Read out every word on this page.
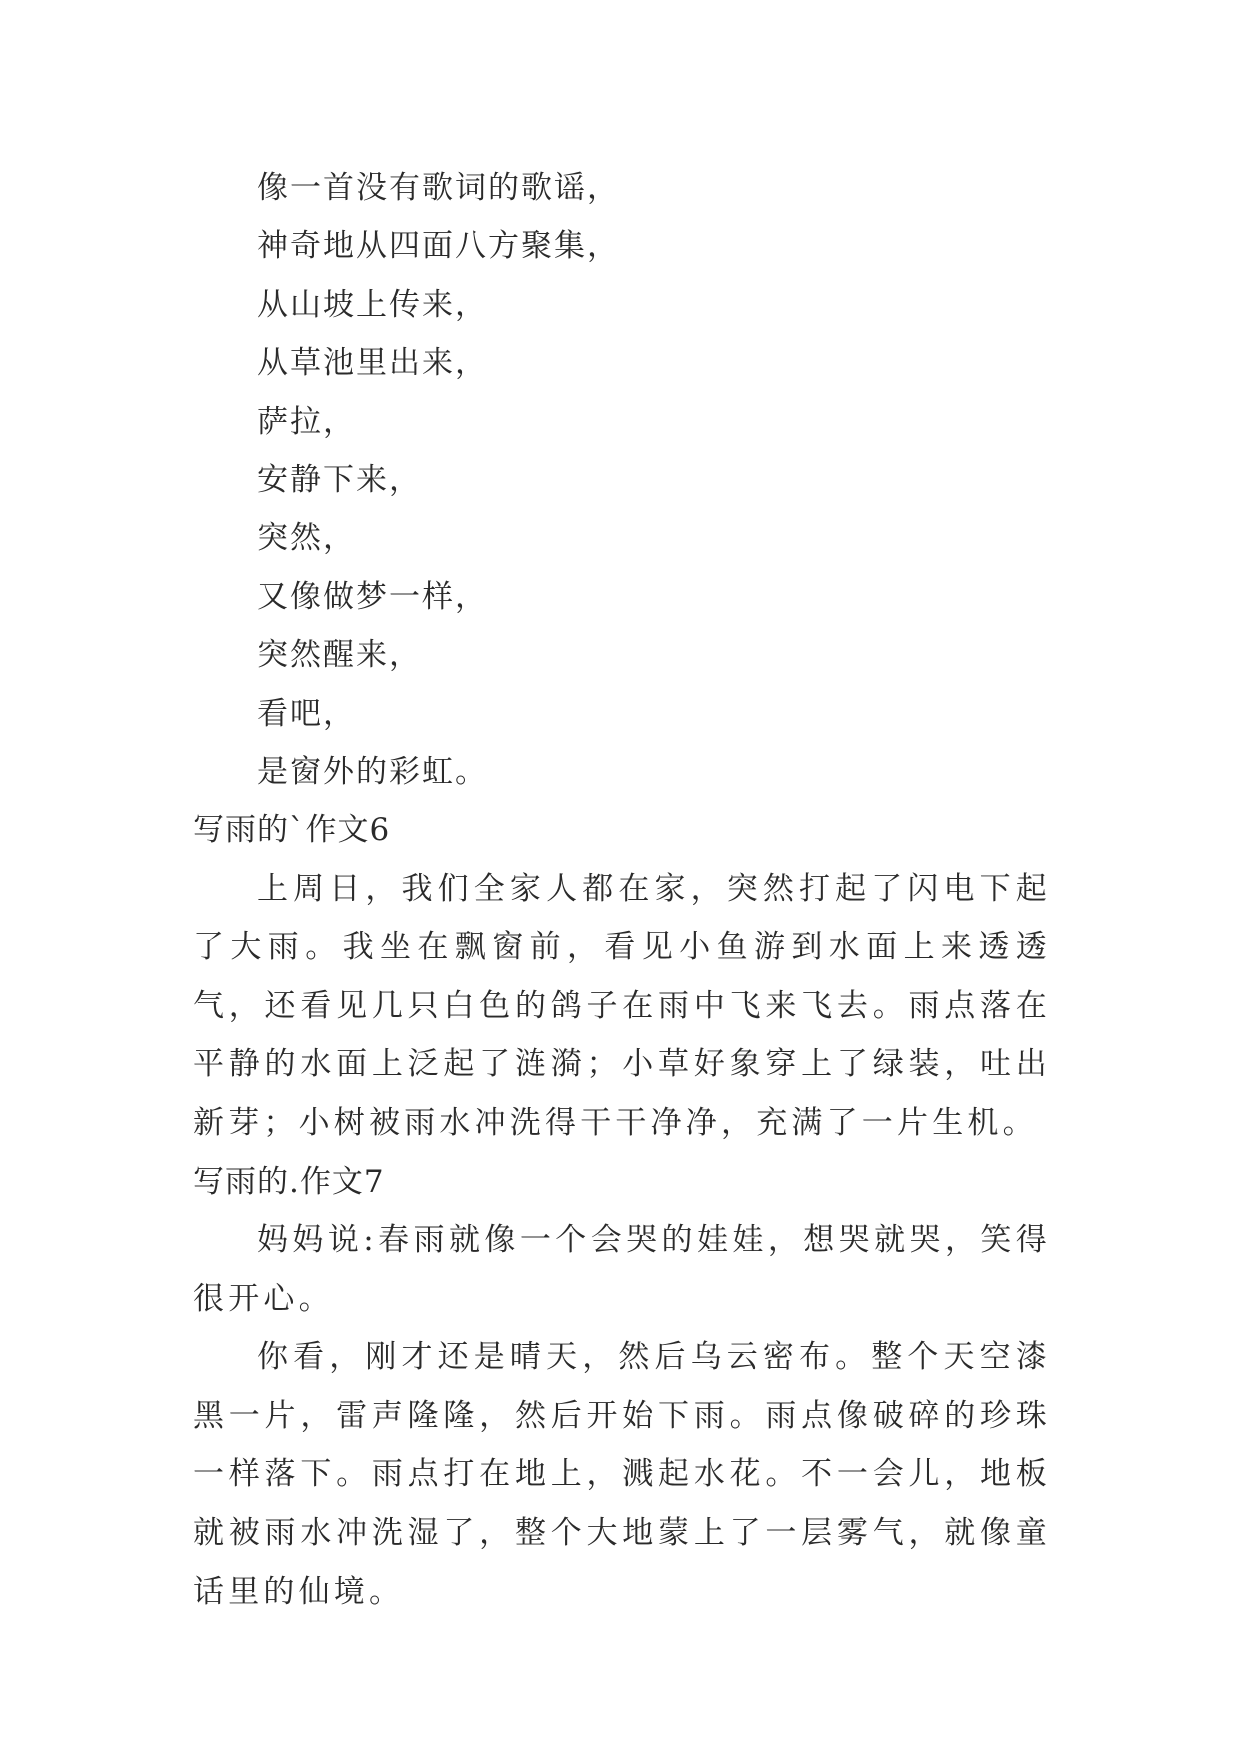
像一首没有歌词的歌谣，
神奇地从四面八方聚集，
从山坡上传来，
从草池里出来，
萨拉，
安静下来，
突然，
又像做梦一样，
突然醒来，
看吧，
是窗外的彩虹。
写雨的`作文6

上周日，我们全家人都在家，突然打起了闪电下起了大雨。我坐在飘窗前，看见小鱼游到水面上来透透气，还看见几只白色的鸽子在雨中飞来飞去。雨点落在平静的水面上泛起了涟漪；小草好象穿上了绿装，吐出新芽；小树被雨水冲洗得干干净净，充满了一片生机。

写雨的.作文7

妈妈说:春雨就像一个会哭的娃娃，想哭就哭，笑得很开心。

你看，刚才还是晴天，然后乌云密布。整个天空漆黑一片，雷声隆隆，然后开始下雨。雨点像破碎的珍珠一样落下。雨点打在地上，溅起水花。不一会儿，地板就被雨水冲洗湿了，整个大地蒙上了一层雾气，就像童话里的仙境。
